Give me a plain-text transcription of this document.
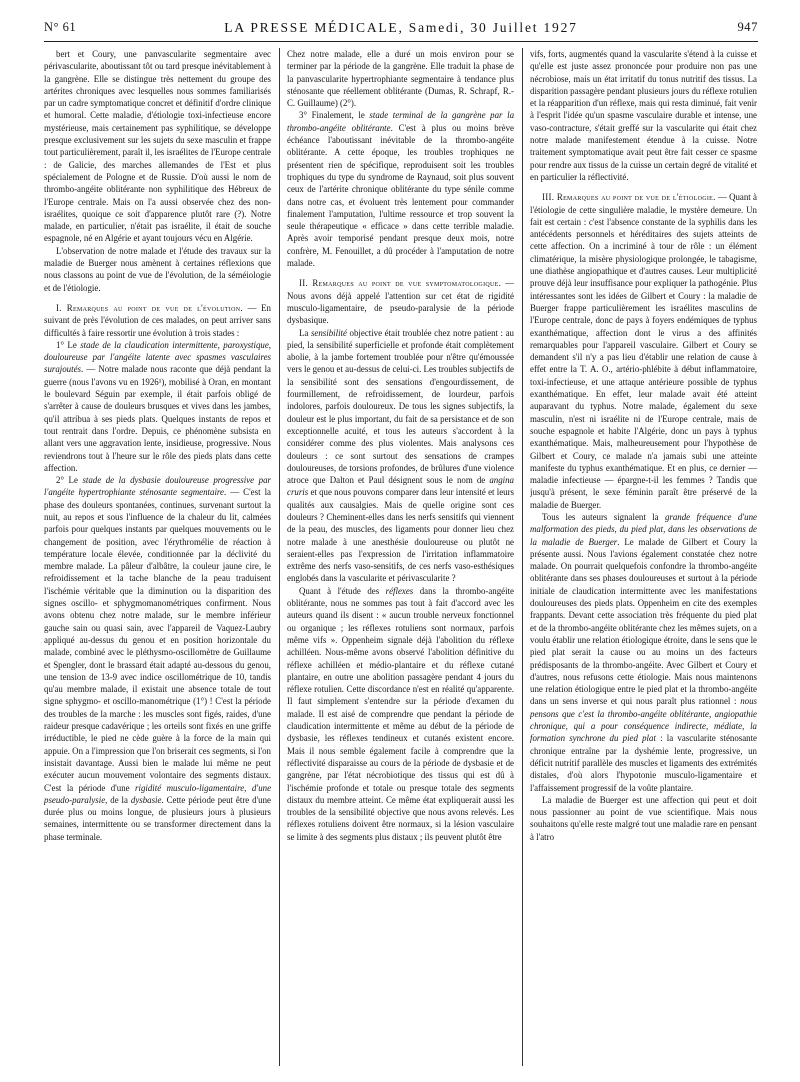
N° 61	LA PRESSE MÉDICALE, Samedi, 30 Juillet 1927	947

bert et Coury, une panvascularite segmentaire avec périvascularite, aboutissant tôt ou tard presque inévitablement à la gangrène. Elle se distingue très nettement du groupe des artérites chroniques avec lesquelles nous sommes familiarisés par un cadre symptomatique concret et définitif d'ordre clinique et humoral. Cette maladie, d'étiologie toxi-infectieuse encore mystérieuse, mais certainement pas syphilitique, se développe presque exclusivement sur les sujets du sexe masculin et frappe tout particulièrement, paraît il, les israélites de l'Europe centrale : de Galicie, des marches allemandes de l'Est et plus spécialement de Pologne et de Russie. D'où aussi le nom de thrombo-angéite oblitérante non syphilitique des Hébreux de l'Europe centrale. Mais on l'a aussi observée chez des non-israélites, quoique ce soit d'apparence plutôt rare (?). Notre malade, en particulier, n'était pas israélite, il était de souche espagnole, né en Algérie et ayant toujours vécu en Algérie.

L'observation de notre malade et l'étude des travaux sur la maladie de Buerger nous amènent à certaines réflexions que nous classons au point de vue de l'évolution, de la séméiologie et de l'étiologie.

I. Remarques au point de vue de l'évolution. — En suivant de près l'évolution de ces malades, on peut arriver sans difficultés à faire ressortir une évolution à trois stades :

1° Le stade de la claudication intermittente, paroxystique, douloureuse par l'angéite latente avec spasmes vasculaires surajoutés. — Notre malade nous raconte que déjà pendant la guerre (nous l'avons vu en 1926¹), mobilisé à Oran, en montant le boulevard Séguin par exemple, il était parfois obligé de s'arrêter à cause de douleurs brusques et vives dans les jambes, qu'il attribua à ses pieds plats. Quelques instants de repos et tout rentrait dans l'ordre. Depuis, ce phénomène subsista en allant vers une aggravation lente, insidieuse, progressive. Nous reviendrons tout à l'heure sur le rôle des pieds plats dans cette affection.

2° Le stade de la dysbasie douloureuse progressive par l'angéite hypertrophiante sténosante segmentaire. — C'est la phase des douleurs spontanées, continues, survenant surtout la nuit, au repos et sous l'influence de la chaleur du lit, calmées parfois pour quelques instants par quelques mouvements ou le changement de position, avec l'érythromélie de réaction à température locale élevée, conditionnée par la déclivité du membre malade. La pâleur d'albâtre, la couleur jaune cire, le refroidissement et la tache blanche de la peau traduisent l'ischémie véritable que la diminution ou la disparition des signes oscillo- et sphygmomanométriques confirment. Nous avons obtenu chez notre malade, sur le membre inférieur gauche sain ou quasi sain, avec l'appareil de Vaquez-Laubry appliqué au-dessus du genou et en position horizontale du malade, combiné avec le pléthysmo-oscillomètre de Guillaume et Spengler, dont le brassard était adapté au-dessous du genou, une tension de 13-9 avec indice oscillométrique de 10, tandis qu'au membre malade, il existait une absence totale de tout signe sphygmo- et oscillo-manométrique (1°) ! C'est la période des troubles de la marche : les muscles sont figés, raides, d'une raideur presque cadavérique ; les orteils sont fixés en une griffe irréductible, le pied ne cède guère à la force de la main qui appuie. On a l'impression que l'on briserait ces segments, si l'on insistait davantage. Aussi bien le malade lui même ne peut exécuter aucun mouvement volontaire des segments distaux. C'est la période d'une rigidité musculo-ligamentaire, d'une pseudo-paralysie, de la dysbasie. Cette période peut être d'une durée plus ou moins longue, de plusieurs jours à plusieurs semaines, intermittente ou se transformer directement dans la phase terminale.

Chez notre malade, elle a duré un mois environ pour se terminer par la période de la gangrène. Elle traduit la phase de la panvascularite hypertrophiante segmentaire à tendance plus sténosante que réellement oblitérante (Dumas, R. Schrapf, R.-C. Guillaume) (2°).

3° Finalement, le stade terminal de la gangrène par la thrombo-angéite oblitérante. C'est à plus ou moins brève échéance l'aboutissant inévitable de la thrombo-angéite oblitérante. A cette époque, les troubles trophiques ne présentent rien de spécifique, reproduisent soit les troubles trophiques du type du syndrome de Raynaud, soit plus souvent ceux de l'artérite chronique oblitérante du type sénile comme dans notre cas, et évoluent très lentement pour commander finalement l'amputation, l'ultime ressource et trop souvent la seule thérapeutique « efficace » dans cette terrible maladie. Après avoir temporisé pendant presque deux mois, notre confrère, M. Fenouillet, a dû procéder à l'amputation de notre malade.

II. Remarques au point de vue symptomatologique. — Nous avons déjà appelé l'attention sur cet état de rigidité musculo-ligamentaire, de pseudo-paralysie de la période dysbasique.

La sensibilité objective était troublée chez notre patient : au pied, la sensibilité superficielle et profonde était complètement abolie, à la jambe fortement troublée pour n'être qu'émoussée vers le genou et au-dessus de celui-ci. Les troubles subjectifs de la sensibilité sont des sensations d'engourdissement, de fourmillement, de refroidissement, de lourdeur, parfois indolores, parfois douloureux. De tous les signes subjectifs, la douleur est le plus important, du fait de sa persistance et de son exceptionnelle acuité, et tous les auteurs s'accordent à la considérer comme des plus violentes. Mais analysons ces douleurs : ce sont surtout des sensations de crampes douloureuses, de torsions profondes, de brûlures d'une violence atroce que Dalton et Paul désignent sous le nom de angina cruris et que nous pouvons comparer dans leur intensité et leurs qualités aux causalgies. Mais de quelle origine sont ces douleurs ? Cheminent-elles dans les nerfs sensitifs qui viennent de la peau, des muscles, des ligaments pour donner lieu chez notre malade à une anesthésie douloureuse ou plutôt ne seraient-elles pas l'expression de l'irritation inflammatoire extrême des nerfs vaso-sensitifs, de ces nerfs vaso-esthésiques englobés dans la vascularite et périvascularite ?

Quant à l'étude des réflexes dans la thrombo-angéite oblitérante, nous ne sommes pas tout à fait d'accord avec les auteurs quand ils disent : « aucun trouble nerveux fonctionnel ou organique ; les réflexes rotuliens sont normaux, parfois même vifs ». Oppenheim signale déjà l'abolition du réflexe achilléen. Nous-même avons observé l'abolition définitive du réflexe achilléen et médio-plantaire et du réflexe cutané plantaire, en outre une abolition passagère pendant 4 jours du réflexe rotulien. Cette discordance n'est en réalité qu'apparente. Il faut simplement s'entendre sur la période d'examen du malade. Il est aisé de comprendre que pendant la période de claudication intermittente et même au début de la période de dysbasie, les réflexes tendineux et cutanés existent encore. Mais il nous semble également facile à comprendre que la réflectivité disparaisse au cours de la période de dysbasie et de gangrène, par l'état nécrobiotique des tissus qui est dû à l'ischémie profonde et totale ou presque totale des segments distaux du membre atteint. Ce même état expliquerait aussi les troubles de la sensibilité objective que nous avons relevés. Les réflexes rotuliens doivent être normaux, si la lésion vasculaire se limite à des segments plus distaux ; ils peuvent plutôt être

vifs, forts, augmentés quand la vascularite s'étend à la cuisse et qu'elle est juste assez prononcée pour produire non pas une nécrobiose, mais un état irritatif du tonus nutritif des tissus. La disparition passagère pendant plusieurs jours du réflexe rotulien et la réapparition d'un réflexe, mais qui resta diminué, fait venir à l'esprit l'idée qu'un spasme vasculaire durable et intense, une vaso-contracture, s'était greffé sur la vascularite qui était chez notre malade manifestement étendue à la cuisse. Notre traitement symptomatique avait peut être fait cesser ce spasme pour rendre aux tissus de la cuisse un certain degré de vitalité et en particulier la réflectivité.

III. Remarques au point de vue de l'étiologie. — Quant à l'étiologie de cette singulière maladie, le mystère demeure. Un fait est certain : c'est l'absence constante de la syphilis dans les antécédents personnels et héréditaires des sujets atteints de cette affection. On a incriminé à tour de rôle : un élément climatérique, la misère physiologique prolongée, le tabagisme, une diathèse angiopathique et d'autres causes. Leur multiplicité prouve déjà leur insuffisance pour expliquer la pathogénie. Plus intéressantes sont les idées de Gilbert et Coury : la maladie de Buerger frappe particulièrement les israélites masculins de l'Europe centrale, donc de pays à foyers endémiques de typhus exanthématique, affection dont le virus a des affinités remarquables pour l'appareil vasculaire. Gilbert et Coury se demandent s'il n'y a pas lieu d'établir une relation de cause à effet entre la T. A. O., artério-phlébite à début inflammatoire, toxi-infectieuse, et une attaque antérieure possible de typhus exanthématique. En effet, leur malade avait été atteint auparavant du typhus. Notre malade, également du sexe masculin, n'est ni israélite ni de l'Europe centrale, mais de souche espagnole et habite l'Algérie, donc un pays à typhus exanthématique. Mais, malheureusement pour l'hypothèse de Gilbert et Coury, ce malade n'a jamais subi une atteinte manifeste du typhus exanthématique. Et en plus, ce dernier — maladie infectieuse — épargne-t-il les femmes ? Tandis que jusqu'à présent, le sexe féminin paraît être préservé de la maladie de Buerger.

Tous les auteurs signalent la grande fréquence d'une malformation des pieds, du pied plat, dans les observations de la maladie de Buerger. Le malade de Gilbert et Coury la présente aussi. Nous l'avions également constatée chez notre malade. On pourrait quelquefois confondre la thrombo-angéite oblitérante dans ses phases douloureuses et surtout à la période initiale de claudication intermittente avec les manifestations douloureuses des pieds plats. Oppenheim en cite des exemples frappants. Devant cette association très fréquente du pied plat et de la thrombo-angéite oblitérante chez les mêmes sujets, on a voulu établir une relation étiologique étroite, dans le sens que le pied plat serait la cause ou au moins un des facteurs prédisposants de la thrombo-angéite. Avec Gilbert et Coury et d'autres, nous refusons cette étiologie. Mais nous maintenons une relation étiologique entre le pied plat et la thrombo-angéite dans un sens inverse et qui nous paraît plus rationnel : nous pensons que c'est la thrombo-angéite oblitérante, angiopathie chronique, qui a pour conséquence indirecte, médiate, la formation synchrone du pied plat : la vascularite sténosante chronique entraîne par la dyshémie lente, progressive, un déficit nutritif parallèle des muscles et ligaments des extrémités distales, d'où alors l'hypotonie musculo-ligamentaire et l'affaissement progressif de la voûte plantaire.

La maladie de Buerger est une affection qui peut et doit nous passionner au point de vue scientifique. Mais nous souhaitons qu'elle reste malgré tout une maladie rare en pensant à l'atro
